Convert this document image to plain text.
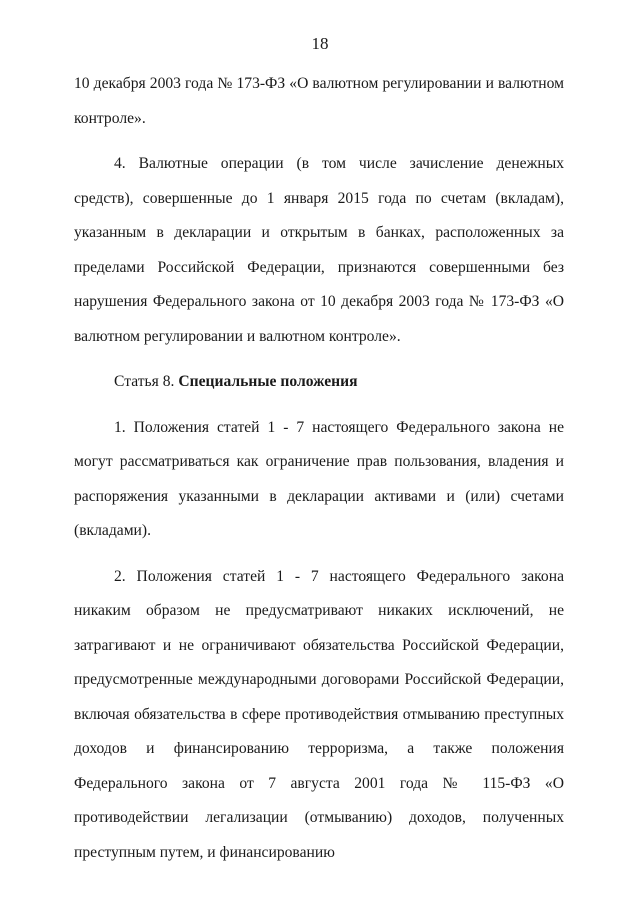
18

10 декабря 2003 года № 173-ФЗ «О валютном регулировании и валютном контроле».

4. Валютные операции (в том числе зачисление денежных средств), совершенные до 1 января 2015 года по счетам (вкладам), указанным в декларации и открытым в банках, расположенных за пределами Российской Федерации, признаются совершенными без нарушения Федерального закона от 10 декабря 2003 года № 173-ФЗ «О валютном регулировании и валютном контроле».

Статья 8. Специальные положения

1. Положения статей 1 - 7 настоящего Федерального закона не могут рассматриваться как ограничение прав пользования, владения и распоряжения указанными в декларации активами и (или) счетами (вкладами).

2. Положения статей 1 - 7 настоящего Федерального закона никаким образом не предусматривают никаких исключений, не затрагивают и не ограничивают обязательства Российской Федерации, предусмотренные международными договорами Российской Федерации, включая обязательства в сфере противодействия отмыванию преступных доходов и финансированию терроризма, а также положения Федерального закона от 7 августа 2001 года № 115-ФЗ «О противодействии легализации (отмыванию) доходов, полученных преступным путем, и финансированию
